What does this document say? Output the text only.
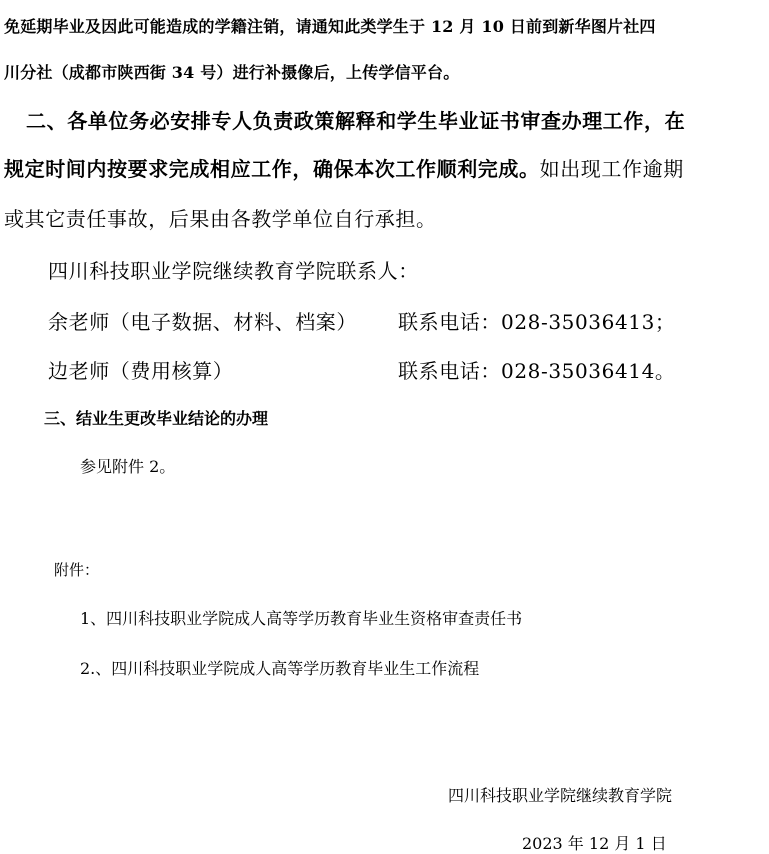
免延期毕业及因此可能造成的学籍注销，请通知此类学生于 12 月 10 日前到新华图片社四

川分社（成都市陕西街 34 号）进行补摄像后，上传学信平台。

二、各单位务必安排专人负责政策解释和学生毕业证书审查办理工作，在

规定时间内按要求完成相应工作，确保本次工作顺利完成。如出现工作逾期

或其它责任事故，后果由各教学单位自行承担。

四川科技职业学院继续教育学院联系人：

余老师（电子数据、材料、档案） 联系电话：028-35036413；

边老师（费用核算）	联系电话：028-35036414。

三、结业生更改毕业结论的办理

参见附件 2。

附件：

1、四川科技职业学院成人高等学历教育毕业生资格审查责任书

2.、四川科技职业学院成人高等学历教育毕业生工作流程

四川科技职业学院继续教育学院

2023 年 12 月 1 日
